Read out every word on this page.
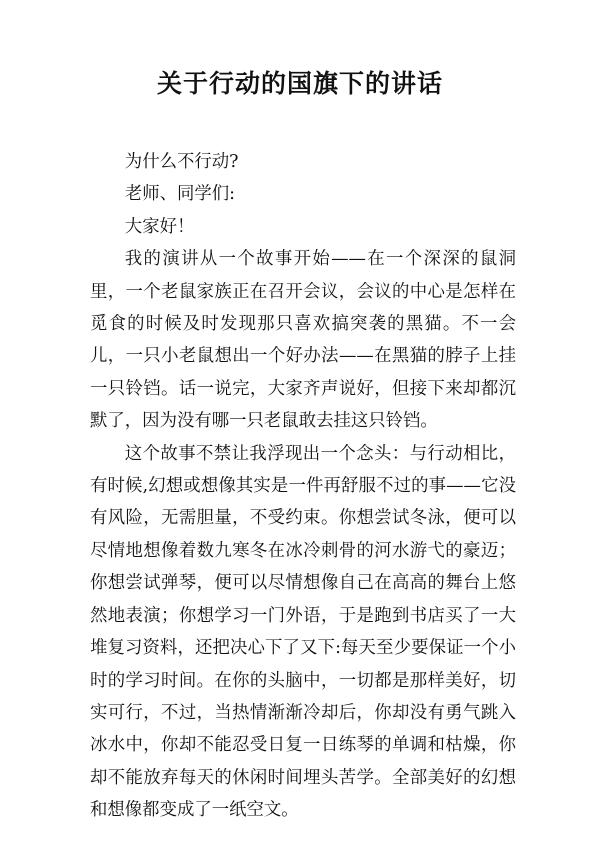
关于行动的国旗下的讲话

为什么不行动?

老师、同学们:

大家好！

我的演讲从一个故事开始——在一个深深的鼠洞里，一个老鼠家族正在召开会议，会议的中心是怎样在觅食的时候及时发现那只喜欢搞突袭的黑猫。不一会儿，一只小老鼠想出一个好办法——在黑猫的脖子上挂一只铃铛。话一说完，大家齐声说好，但接下来却都沉默了，因为没有哪一只老鼠敢去挂这只铃铛。

这个故事不禁让我浮现出一个念头：与行动相比，有时候,幻想或想像其实是一件再舒服不过的事——它没有风险，无需胆量，不受约束。你想尝试冬泳，便可以尽情地想像着数九寒冬在冰冷刺骨的河水游弋的豪迈；你想尝试弹琴，便可以尽情想像自己在高高的舞台上悠然地表演；你想学习一门外语，于是跑到书店买了一大堆复习资料，还把决心下了又下:每天至少要保证一个小时的学习时间。在你的头脑中，一切都是那样美好，切实可行，不过，当热情渐渐冷却后，你却没有勇气跳入冰水中，你却不能忍受日复一日练琴的单调和枯燥，你却不能放弃每天的休闲时间埋头苦学。全部美好的幻想和想像都变成了一纸空文。
